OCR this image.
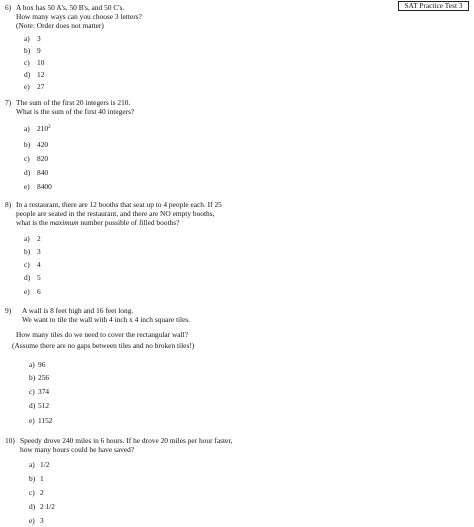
SAT Practice Test 3
6) A box has 50 A's, 50 B's, and 50 C's.
How many ways can you choose 3 letters?
(Note: Order does not matter)
a) 3
b) 9
c) 10
d) 12
e) 27
7) The sum of the first 20 integers is 210.
What is the sum of the first 40 integers?
a) $210^2$
b) 420
c) 820
d) 840
e) 8400
8) In a restaurant, there are 12 booths that seat up to 4 people each. If 25
people are seated in the restaurant, and there are NO empty booths,
what is the maximum number possible of filled booths?
a) 2
b) 3
c) 4
d) 5
e) 6
9) A wall is 8 feet high and 16 feet long.
We want to tile the wall with 4 inch x 4 inch square tiles.
How many tiles do we need to cover the rectangular wall?
(Assume there are no gaps between tiles and no broken tiles!)
a) 96
b) 256
c) 374
d) 512
e) 1152
10) Speedy drove 240 miles in 6 hours. If he drove 20 miles per hour faster,
how many hours could he have saved?
a) 1/2
b) 1
c) 2
d) 2 1/2
e) 3
